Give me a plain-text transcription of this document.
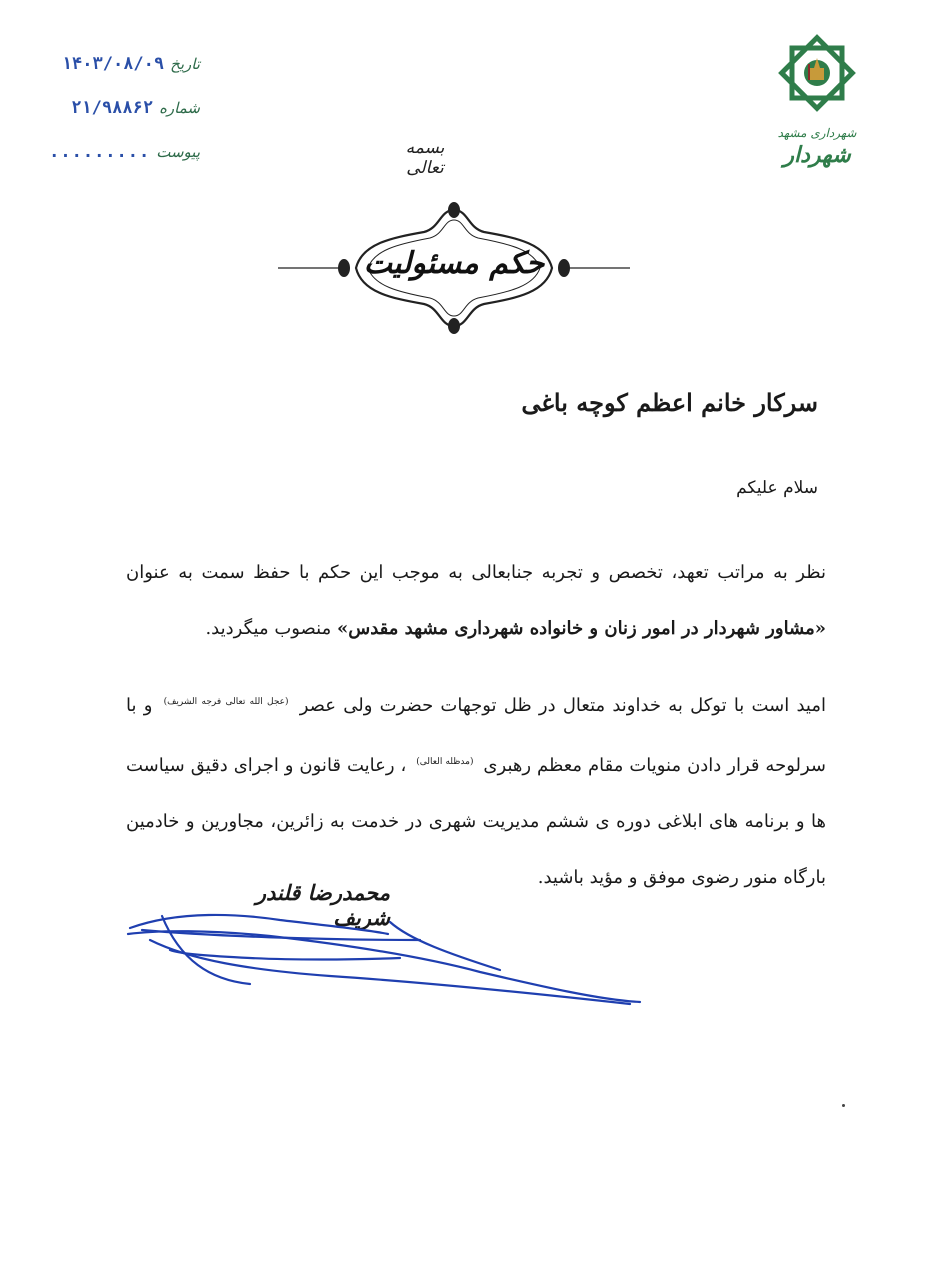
تاریخ
۱۴۰۳/۰۸/۰۹
شماره
۲۱/۹۸۸۶۲
پیوست
.........
شهرداری مشهد
شهردار
بسمه تعالی
حکم مسئولیت
سرکار خانم اعظم کوچه باغی
سلام علیکم
نظر به مراتب تعهد، تخصص و تجربه جنابعالی به موجب این حکم با حفظ سمت به عنوان «مشاور شهردار در امور زنان و خانواده شهرداری مشهد مقدس» منصوب میگردید.
امید است با توکل به خداوند متعال در ظل توجهات حضرت ولی عصر $^{(عجل الله تعالی فرجه الشریف)}$ و با سرلوحه قرار دادن منویات مقام معظم رهبری $^{(مدظله العالی)}$ ، رعایت قانون و اجرای دقیق سیاست ها و برنامه های ابلاغی دوره ی ششم مدیریت شهری در خدمت به زائرین، مجاورین و خادمین بارگاه منور رضوی موفق و مؤید باشید.
محمدرضا قلندر شریف
